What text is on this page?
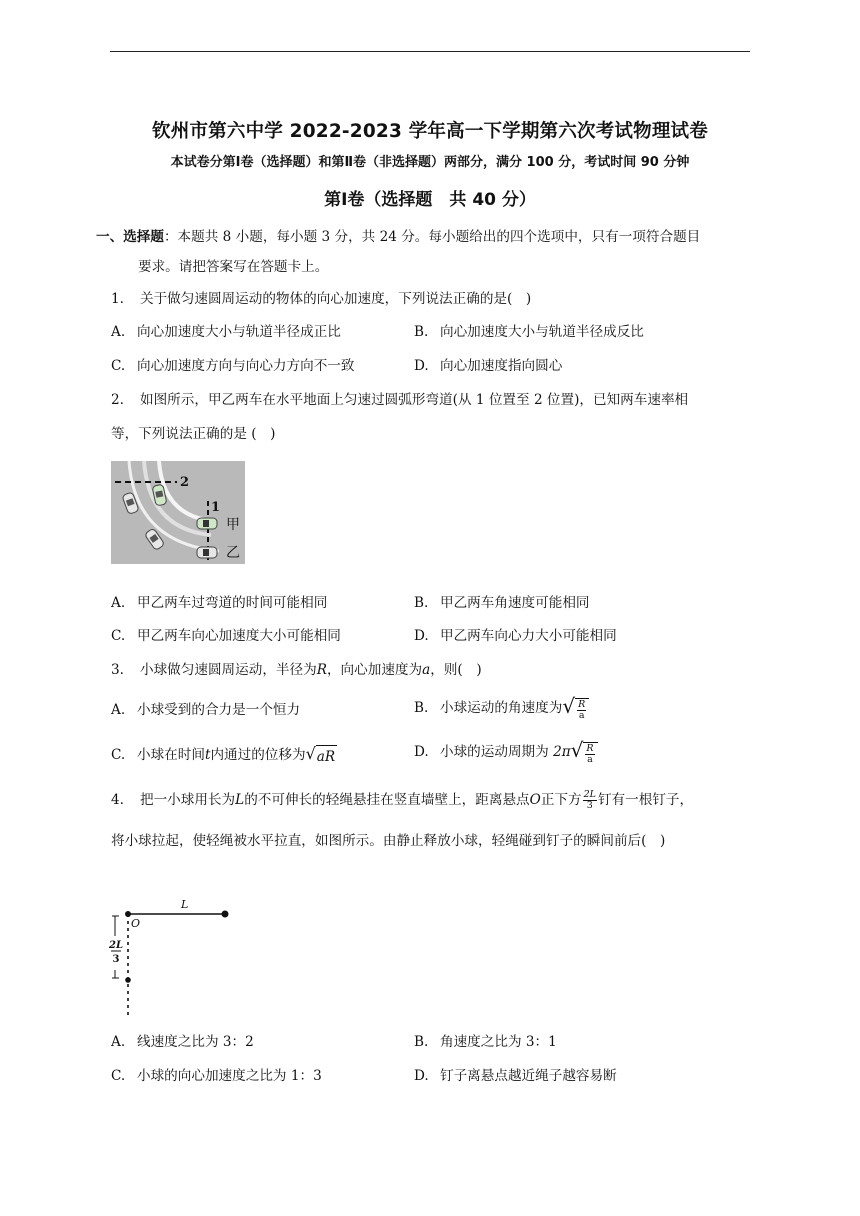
钦州市第六中学 2022-2023 学年高一下学期第六次考试物理试卷
本试卷分第Ⅰ卷（选择题）和第Ⅱ卷（非选择题）两部分，满分 100 分，考试时间 90 分钟
第Ⅰ卷（选择题　共 40 分）
一、选择题：本题共 8 小题，每小题 3 分，共 24 分。每小题给出的四个选项中，只有一项符合题目
要求。请把答案写在答题卡上。
1. 关于做匀速圆周运动的物体的向心加速度，下列说法正确的是(　)
A. 向心加速度大小与轨道半径成正比	B. 向心加速度大小与轨道半径成反比
C. 向心加速度方向与向心力方向不一致	D. 向心加速度指向圆心
2. 如图所示，甲乙两车在水平地面上匀速过圆弧形弯道(从 1 位置至 2 位置)，已知两车速率相
等，下列说法正确的是 (　)
2
1
甲
乙
A. 甲乙两车过弯道的时间可能相同	B. 甲乙两车角速度可能相同
C. 甲乙两车向心加速度大小可能相同	D. 甲乙两车向心力大小可能相同
3. 小球做匀速圆周运动，半径为R，向心加速度为a，则(　)
A. 小球受到的合力是一个恒力	B. 小球运动的角速度为√ $\frac{R}{a}$
C. 小球在时间t内通过的位移为√aR	D. 小球的运动周期为 $2\pi√ \frac{R}{a}$
4. 把一小球用长为L的不可伸长的轻绳悬挂在竖直墙壁上，距离悬点O正下方 $\frac{2L}{3}$ 钉有一根钉子，
将小球拉起，使轻绳被水平拉直，如图所示。由静止释放小球，轻绳碰到钉子的瞬间前后(　)
2L
3
L
O
A. 线速度之比为 3：2	B. 角速度之比为 3：1
C. 小球的向心加速度之比为 1：3	D. 钉子离悬点越近绳子越容易断
